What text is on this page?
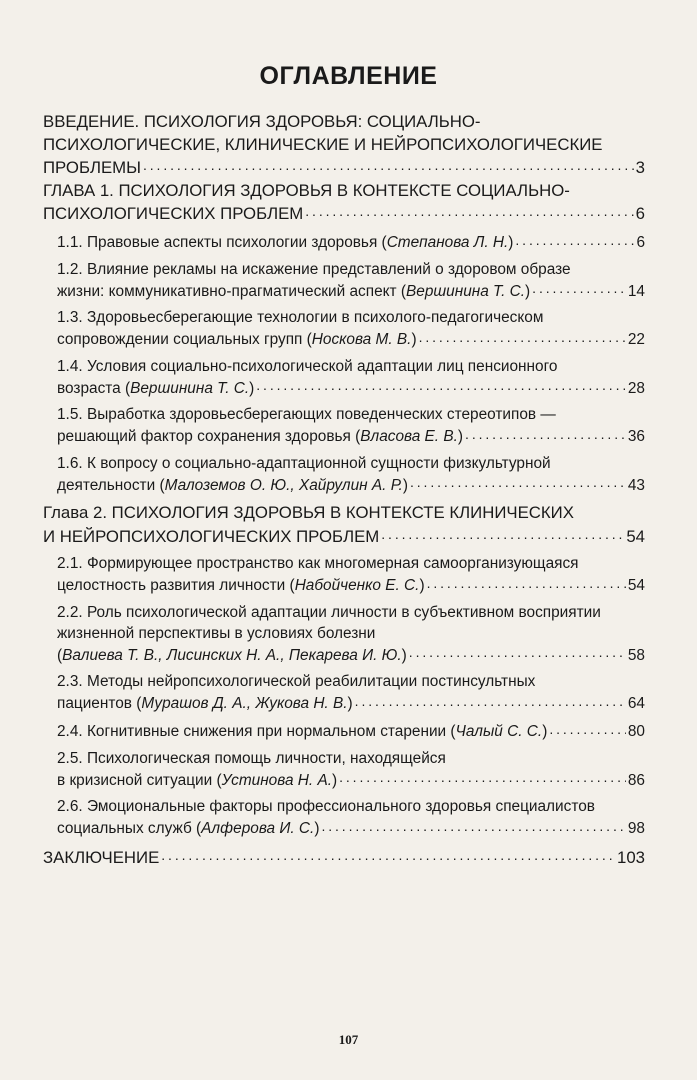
ОГЛАВЛЕНИЕ
ВВЕДЕНИЕ. ПСИХОЛОГИЯ ЗДОРОВЬЯ: СОЦИАЛЬНО-
ПСИХОЛОГИЧЕСКИЕ, КЛИНИЧЕСКИЕ И НЕЙРОПСИХОЛОГИЧЕСКИЕ
ПРОБЛЕМЫ . . .	3
ГЛАВА 1. ПСИХОЛОГИЯ ЗДОРОВЬЯ В КОНТЕКСТЕ СОЦИАЛЬНО-
ПСИХОЛОГИЧЕСКИХ ПРОБЛЕМ . . .	6
1.1. Правовые аспекты психологии здоровья (Степанова Л. Н.) . . .	6
1.2. Влияние рекламы на искажение представлений о здоровом образе
жизни: коммуникативно-прагматический аспект (Вершинина Т. С.) . . .	14
1.3. Здоровьесберегающие технологии в психолого-педагогическом
сопровождении социальных групп (Носкова М. В.) . . .	22
1.4. Условия социально-психологической адаптации лиц пенсионного
возраста (Вершинина Т. С.) . . .	28
1.5. Выработка здоровьесберегающих поведенческих стереотипов —
решающий фактор сохранения здоровья (Власова Е. В.) . . .	36
1.6. К вопросу о социально-адаптационной сущности физкультурной
деятельности (Малоземов О. Ю., Хайрулин А. Р.) . . .	43
Глава 2. ПСИХОЛОГИЯ ЗДОРОВЬЯ В КОНТЕКСТЕ КЛИНИЧЕСКИХ
И НЕЙРОПСИХОЛОГИЧЕСКИХ ПРОБЛЕМ . . .	54
2.1. Формирующее пространство как многомерная самоорганизующаяся
целостность развития личности (Набойченко Е. С.) . . .	54
2.2. Роль психологической адаптации личности в субъективном восприятии
жизненной перспективы в условиях болезни
(Валиева Т. В., Лисинских Н. А., Пекарева И. Ю.) . . .	58
2.3. Методы нейропсихологической реабилитации постинсультных
пациентов (Мурашов Д. А., Жукова Н. В.) . . .	64
2.4. Когнитивные снижения при нормальном старении (Чалый С. С.) . . .	80
2.5. Психологическая помощь личности, находящейся
в кризисной ситуации (Устинова Н. А.) . . .	86
2.6. Эмоциональные факторы профессионального здоровья специалистов
социальных служб (Алферова И. С.) . . .	98
ЗАКЛЮЧЕНИЕ . . .	103
107
